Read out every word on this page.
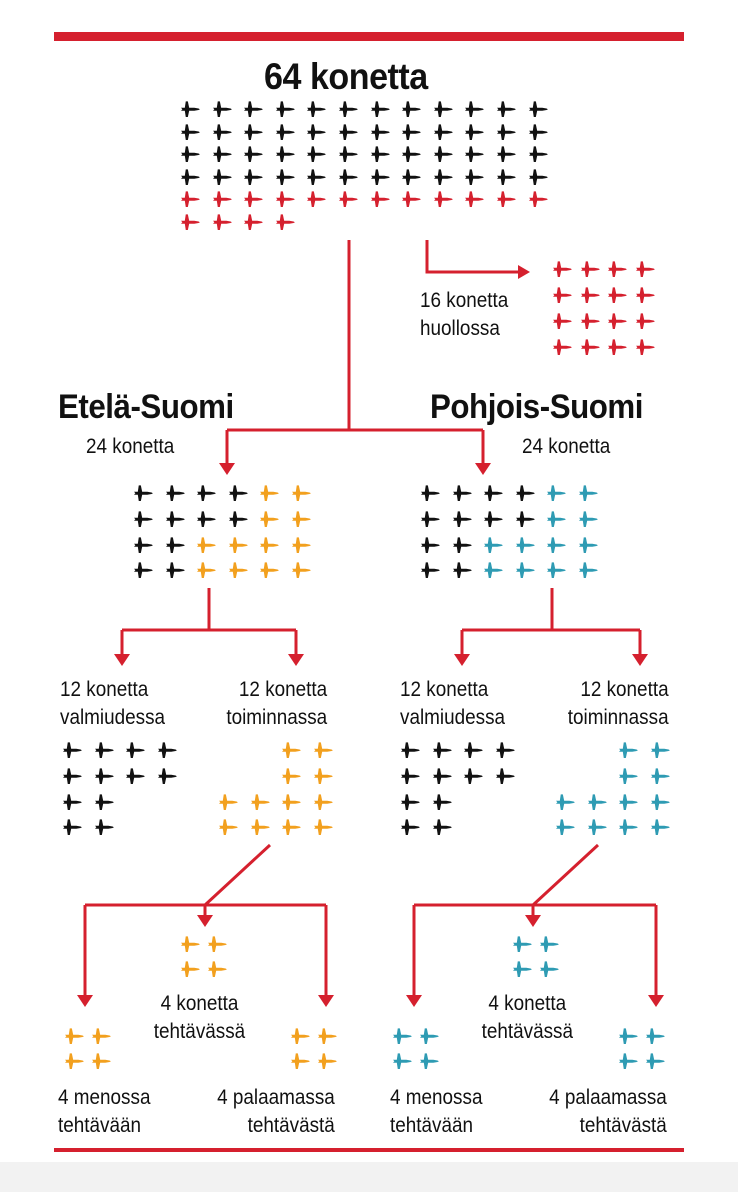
64 konetta
Etelä-Suomi	Pohjois-Suomi
16 konetta
huollossa
24 konetta	24 konetta
12 konetta
valmiudessa
12 konetta
toiminnassa
12 konetta
valmiudessa
12 konetta
toiminnassa
4 konetta
tehtävässä
4 menossa
tehtävään
4 palaamassa
tehtävästä
4 konetta
tehtävässä
4 menossa
tehtävään
4 palaamassa
tehtävästä
